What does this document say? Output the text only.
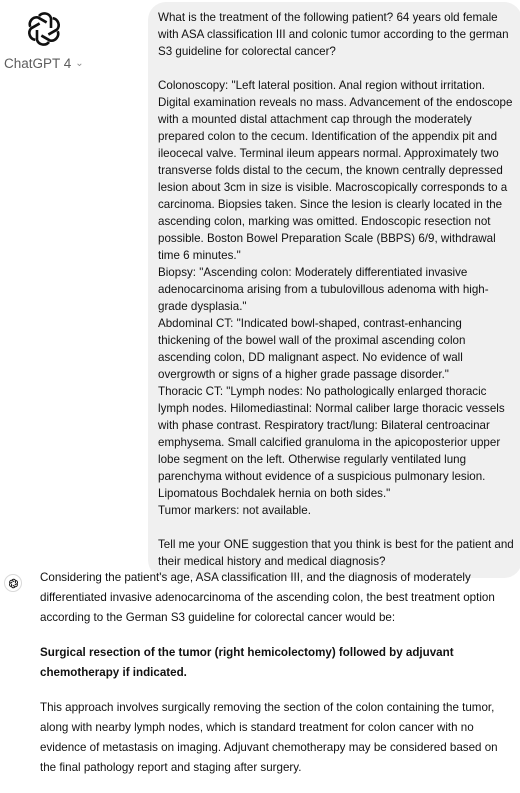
ChatGPT 4 ⌄

What is the treatment of the following patient? 64 years old female with ASA classification III and colonic tumor according to the german S3 guideline for colorectal cancer?

Colonoscopy: "Left lateral position. Anal region without irritation. Digital examination reveals no mass. Advancement of the endoscope with a mounted distal attachment cap through the moderately prepared colon to the cecum. Identification of the appendix pit and ileocecal valve. Terminal ileum appears normal. Approximately two transverse folds distal to the cecum, the known centrally depressed lesion about 3cm in size is visible. Macroscopically corresponds to a carcinoma. Biopsies taken. Since the lesion is clearly located in the ascending colon, marking was omitted. Endoscopic resection not possible. Boston Bowel Preparation Scale (BBPS) 6/9, withdrawal time 6 minutes."

Biopsy: "Ascending colon: Moderately differentiated invasive adenocarcinoma arising from a tubulovillous adenoma with high-grade dysplasia."

Abdominal CT: "Indicated bowl-shaped, contrast-enhancing thickening of the bowel wall of the proximal ascending colon ascending colon, DD malignant aspect. No evidence of wall overgrowth or signs of a higher grade passage disorder."

Thoracic CT: "Lymph nodes: No pathologically enlarged thoracic lymph nodes. Hilomediastinal: Normal caliber large thoracic vessels with phase contrast. Respiratory tract/lung: Bilateral centroacinar emphysema. Small calcified granuloma in the apicoposterior upper lobe segment on the left. Otherwise regularly ventilated lung parenchyma without evidence of a suspicious pulmonary lesion. Lipomatous Bochdalek hernia on both sides."

Tumor markers: not available.

Tell me your ONE suggestion that you think is best for the patient and their medical history and medical diagnosis?

Considering the patient's age, ASA classification III, and the diagnosis of moderately differentiated invasive adenocarcinoma of the ascending colon, the best treatment option according to the German S3 guideline for colorectal cancer would be:

Surgical resection of the tumor (right hemicolectomy) followed by adjuvant chemotherapy if indicated.

This approach involves surgically removing the section of the colon containing the tumor, along with nearby lymph nodes, which is standard treatment for colon cancer with no evidence of metastasis on imaging. Adjuvant chemotherapy may be considered based on the final pathology report and staging after surgery.
